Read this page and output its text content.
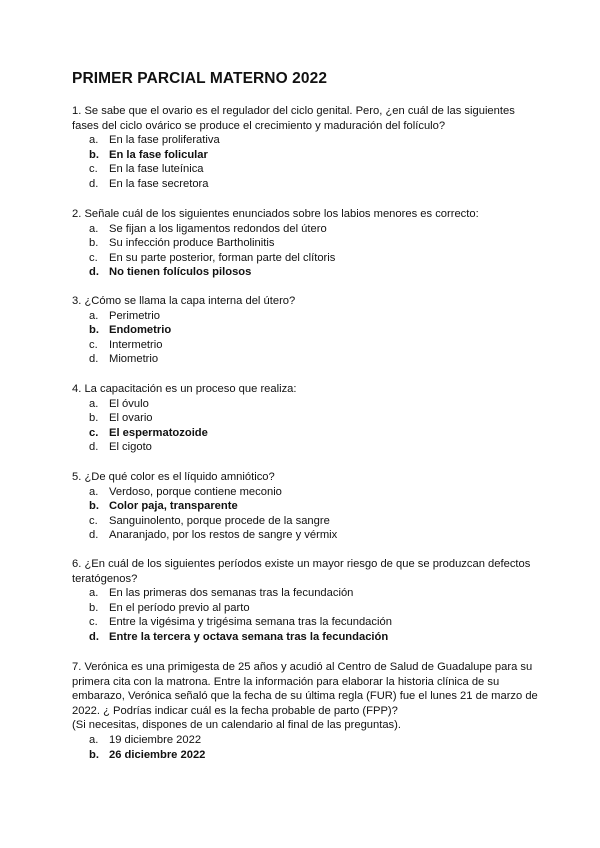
PRIMER PARCIAL MATERNO 2022

1. Se sabe que el ovario es el regulador del ciclo genital. Pero, ¿en cuál de las siguientes fases del ciclo ovárico se produce el crecimiento y maduración del folículo?

a. En la fase proliferativa
b. En la fase folicular
c. En la fase luteínica
d. En la fase secretora

2. Señale cuál de los siguientes enunciados sobre los labios menores es correcto:

a. Se fijan a los ligamentos redondos del útero
b. Su infección produce Bartholinitis
c. En su parte posterior, forman parte del clítoris
d. No tienen folículos pilosos

3. ¿Cómo se llama la capa interna del útero?

a. Perimetrio
b. Endometrio
c. Intermetrio
d. Miometrio

4. La capacitación es un proceso que realiza:

a. El óvulo
b. El ovario
c. El espermatozoide
d. El cigoto

5. ¿De qué color es el líquido amniótico?

a. Verdoso, porque contiene meconio
b. Color paja, transparente
c. Sanguinolento, porque procede de la sangre
d. Anaranjado, por los restos de sangre y vérmix

6. ¿En cuál de los siguientes períodos existe un mayor riesgo de que se produzcan defectos teratógenos?

a. En las primeras dos semanas tras la fecundación
b. En el período previo al parto
c. Entre la vigésima y trigésima semana tras la fecundación
d. Entre la tercera y octava semana tras la fecundación

7. Verónica es una primigesta de 25 años y acudió al Centro de Salud de Guadalupe para su primera cita con la matrona. Entre la información para elaborar la historia clínica de su embarazo, Verónica señaló que la fecha de su última regla (FUR) fue el lunes 21 de marzo de 2022. ¿ Podrías indicar cuál es la fecha probable de parto (FPP)?

(Si necesitas, dispones de un calendario al final de las preguntas).

a. 19 diciembre 2022
b. 26 diciembre 2022
